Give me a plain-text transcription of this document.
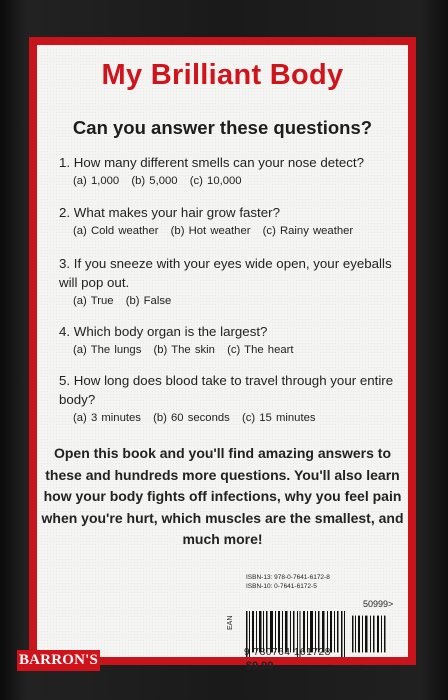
My Brilliant Body
Can you answer these questions?
1. How many different smells can your nose detect?
(a) 1,000 (b) 5,000 (c) 10,000
2. What makes your hair grow faster?
(a) Cold weather (b) Hot weather (c) Rainy weather
3. If you sneeze with your eyes wide open, your eyeballs will pop out.
(a) True (b) False
4. Which body organ is the largest?
(a) The lungs (b) The skin (c) The heart
5. How long does blood take to travel through your entire body?
(a) 3 minutes (b) 60 seconds (c) 15 minutes
Open this book and you'll find amazing answers to these and hundreds more questions. You'll also learn how your body fights off infections, why you feel pain when you're hurt, which muscles are the smallest, and much more!
ISBN-13: 978-0-7641-6172-8
ISBN-10: 0-7641-6172-5
50999>
EAN
9 780764 161728
$9.99	www.barronseduc.com
BARRON'S
